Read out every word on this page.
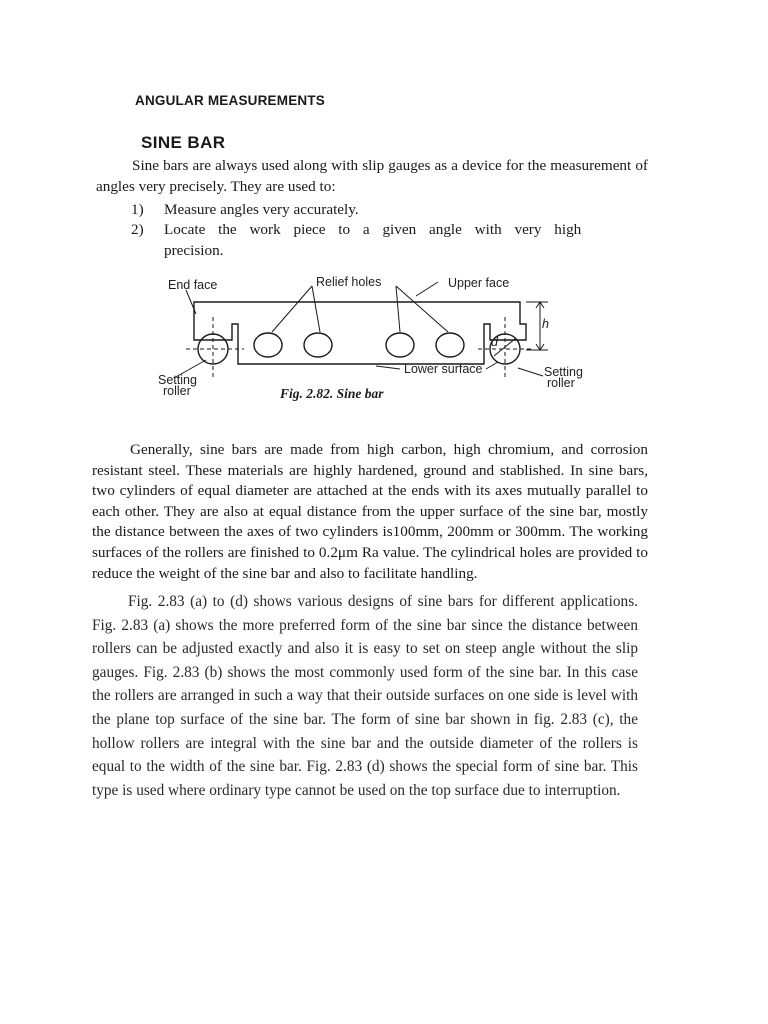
ANGULAR MEASUREMENTS
SINE BAR

Sine bars are always used along with slip gauges as a device for the measurement of angles very precisely. They are used to:

1) Measure angles very accurately.
2) Locate the work piece to a given angle with very high precision.
End face	Relief holes	Upper face
h
d
Lower surface
Setting
roller
Setting
roller
Fig. 2.82. Sine bar

Generally, sine bars are made from high carbon, high chromium, and corrosion resistant steel. These materials are highly hardened, ground and stablished. In sine bars, two cylinders of equal diameter are attached at the ends with its axes mutually parallel to each other. They are also at equal distance from the upper surface of the sine bar, mostly the distance between the axes of two cylinders is100mm, 200mm or 300mm. The working surfaces of the rollers are finished to 0.2μm Ra value. The cylindrical holes are provided to reduce the weight of the sine bar and also to facilitate handling.

Fig. 2.83 (a) to (d) shows various designs of sine bars for different applications. Fig. 2.83 (a) shows the more preferred form of the sine bar since the distance between rollers can be adjusted exactly and also it is easy to set on steep angle without the slip gauges. Fig. 2.83 (b) shows the most commonly used form of the sine bar. In this case the rollers are arranged in such a way that their outside surfaces on one side is level with the plane top surface of the sine bar. The form of sine bar shown in fig. 2.83 (c), the hollow rollers are integral with the sine bar and the outside diameter of the rollers is equal to the width of the sine bar. Fig. 2.83 (d) shows the special form of sine bar. This type is used where ordinary type cannot be used on the top surface due to interruption.
